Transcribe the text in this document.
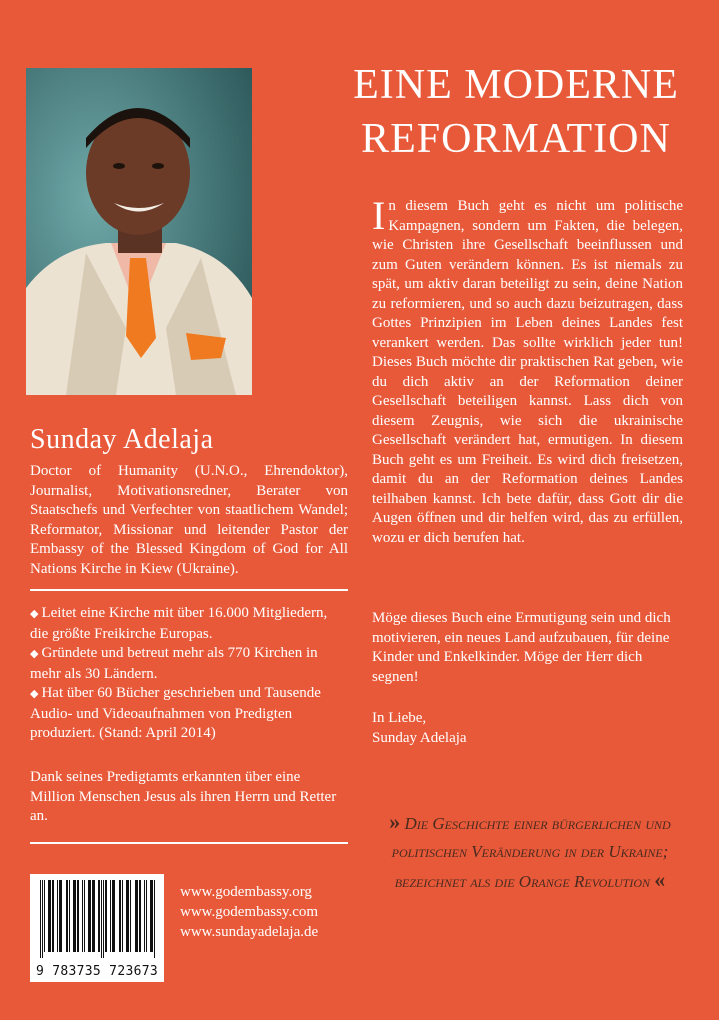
Sunday Adelaja
Doctor of Humanity (U.N.O., Ehrendoktor), Journalist, Motivationsredner, Berater von Staatschefs und Verfechter von staatlichem Wandel; Reformator, Missionar und leitender Pastor der Embassy of the Blessed Kingdom of God for All Nations Kirche in Kiew (Ukraine).
◆ Leitet eine Kirche mit über 16.000 Mitgliedern, die größte Freikirche Europas.
◆ Gründete und betreut mehr als 770 Kirchen in mehr als 30 Ländern.
◆ Hat über 60 Bücher geschrieben und Tausende Audio- und Videoaufnahmen von Predigten produziert. (Stand: April 2014)
Dank seines Predigtamts erkannten über eine Million Menschen Jesus als ihren Herrn und Retter an.
9 783735 723673
www.godembassy.org
www.godembassy.com
www.sundayadelaja.de
EINE MODERNE
REFORMATION

In diesem Buch geht es nicht um politische Kampagnen, sondern um Fakten, die belegen, wie Christen ihre Gesellschaft beeinflussen und zum Guten verändern können. Es ist niemals zu spät, um aktiv daran beteiligt zu sein, deine Nation zu reformieren, und so auch dazu beizutragen, dass Gottes Prinzipien im Leben deines Landes fest verankert werden. Das sollte wirklich jeder tun! Dieses Buch möchte dir praktischen Rat geben, wie du dich aktiv an der Reformation deiner Gesellschaft beteiligen kannst. Lass dich von diesem Zeugnis, wie sich die ukrainische Gesellschaft verändert hat, ermutigen. In diesem Buch geht es um Freiheit. Es wird dich freisetzen, damit du an der Reformation deines Landes teilhaben kannst. Ich bete dafür, dass Gott dir die Augen öffnen und dir helfen wird, das zu erfüllen, wozu er dich berufen hat.

Möge dieses Buch eine Ermutigung sein und dich motivieren, ein neues Land aufzubauen, für deine Kinder und Enkelkinder. Möge der Herr dich segnen!

In Liebe,
Sunday Adelaja
» Die Geschichte einer bürgerlichen und politischen Veränderung in der Ukraine; bezeichnet als die Orange Revolution «
